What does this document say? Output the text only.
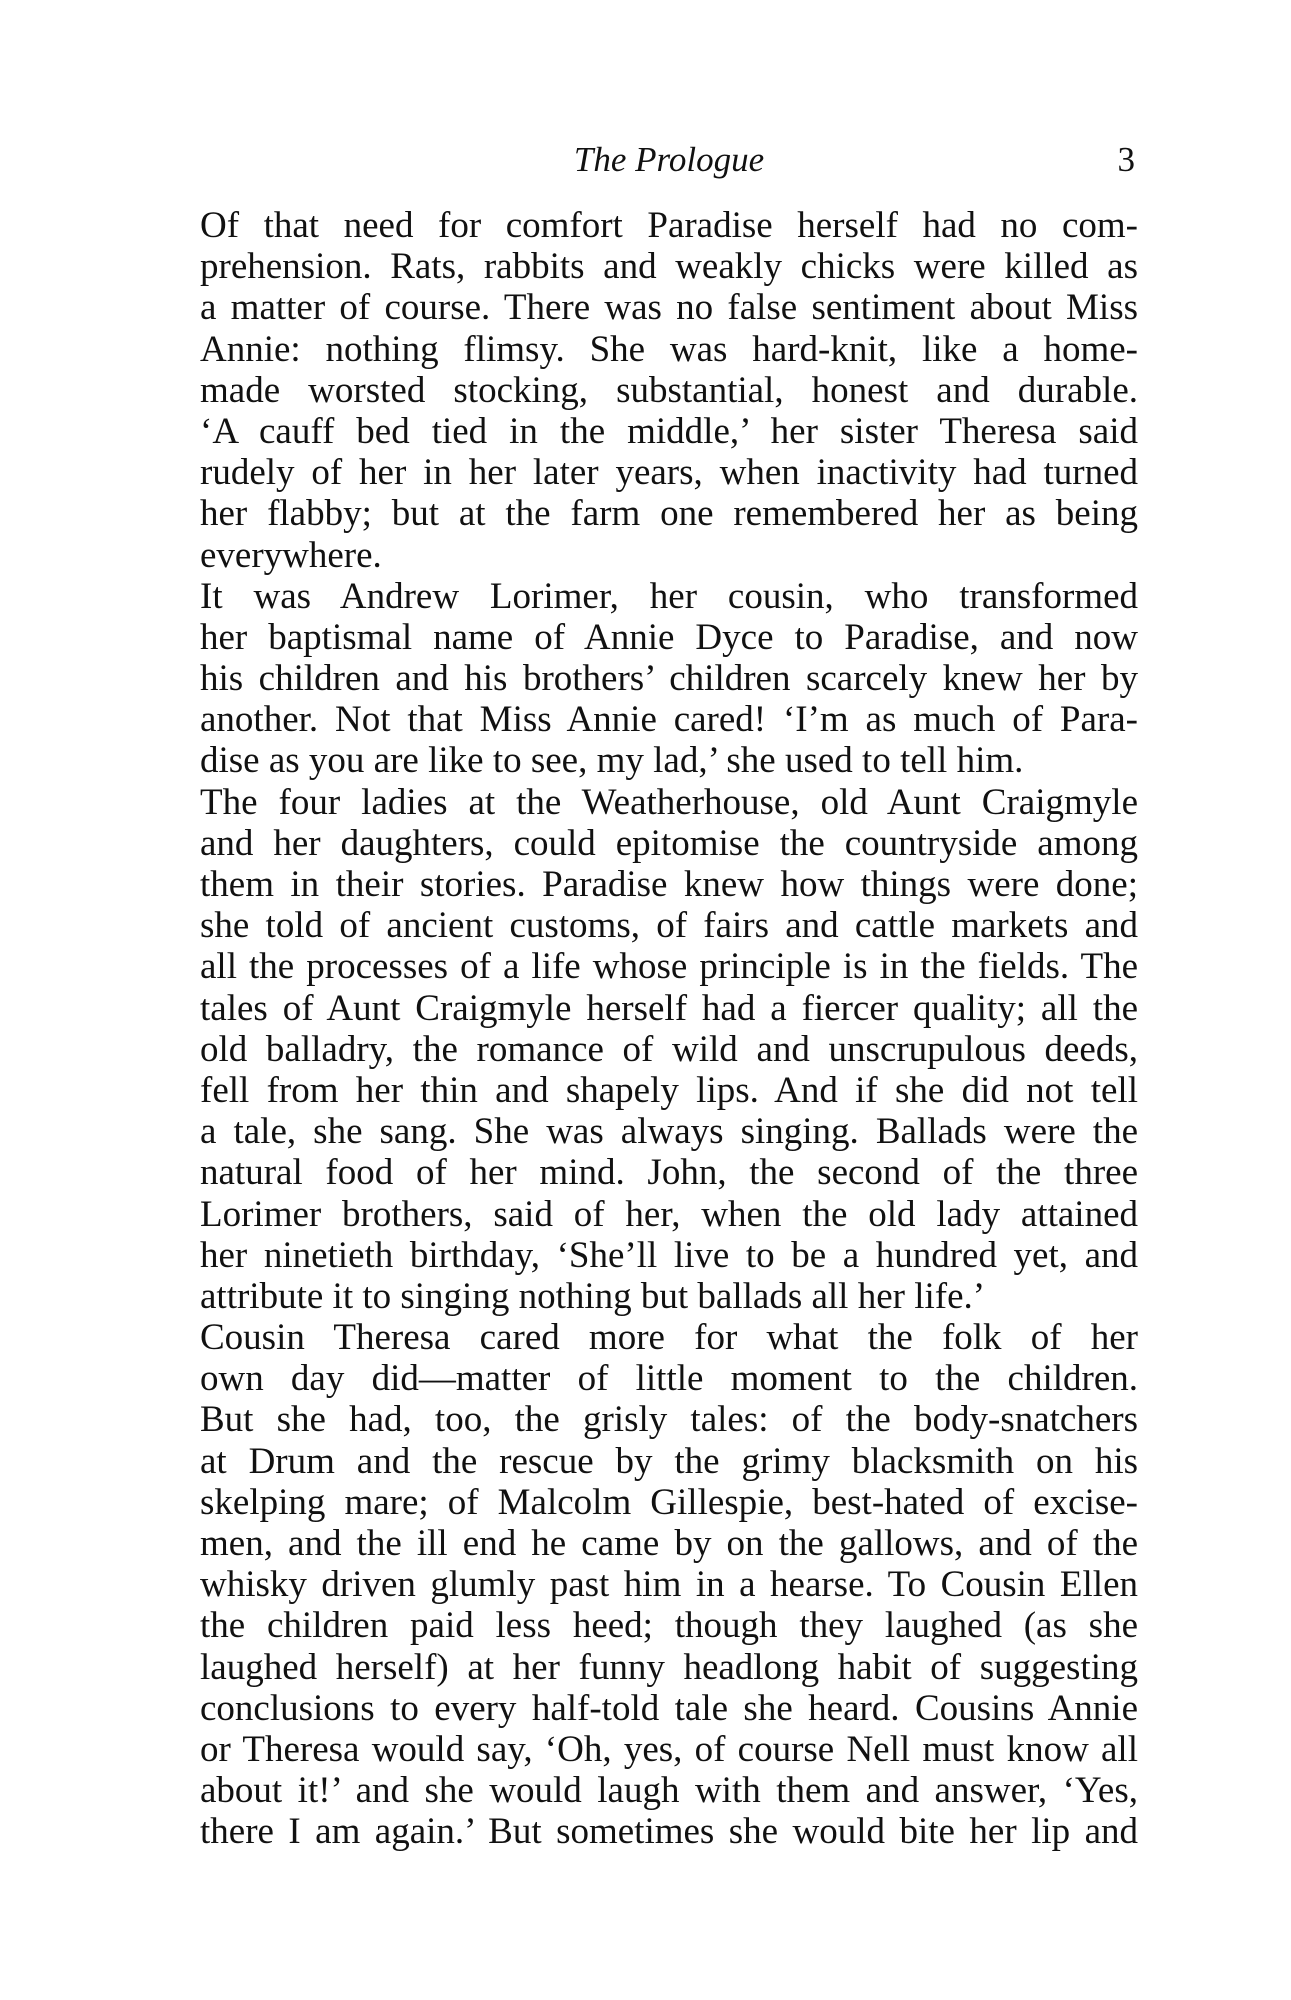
The Prologue	3
Of that need for comfort Paradise herself had no com-
prehension. Rats, rabbits and weakly chicks were killed as
a matter of course. There was no false sentiment about Miss
Annie: nothing flimsy. She was hard-knit, like a home-
made worsted stocking, substantial, honest and durable.
‘A cauff bed tied in the middle,’ her sister Theresa said
rudely of her in her later years, when inactivity had turned
her flabby; but at the farm one remembered her as being
everywhere.
It was Andrew Lorimer, her cousin, who transformed
her baptismal name of Annie Dyce to Paradise, and now
his children and his brothers’ children scarcely knew her by
another. Not that Miss Annie cared! ‘I’m as much of Para-
dise as you are like to see, my lad,’ she used to tell him.
The four ladies at the Weatherhouse, old Aunt Craigmyle
and her daughters, could epitomise the countryside among
them in their stories. Paradise knew how things were done;
she told of ancient customs, of fairs and cattle markets and
all the processes of a life whose principle is in the fields. The
tales of Aunt Craigmyle herself had a fiercer quality; all the
old balladry, the romance of wild and unscrupulous deeds,
fell from her thin and shapely lips. And if she did not tell
a tale, she sang. She was always singing. Ballads were the
natural food of her mind. John, the second of the three
Lorimer brothers, said of her, when the old lady attained
her ninetieth birthday, ‘She’ll live to be a hundred yet, and
attribute it to singing nothing but ballads all her life.’
Cousin Theresa cared more for what the folk of her
own day did—matter of little moment to the children.
But she had, too, the grisly tales: of the body-snatchers
at Drum and the rescue by the grimy blacksmith on his
skelping mare; of Malcolm Gillespie, best-hated of excise-
men, and the ill end he came by on the gallows, and of the
whisky driven glumly past him in a hearse. To Cousin Ellen
the children paid less heed; though they laughed (as she
laughed herself) at her funny headlong habit of suggesting
conclusions to every half-told tale she heard. Cousins Annie
or Theresa would say, ‘Oh, yes, of course Nell must know all
about it!’ and she would laugh with them and answer, ‘Yes,
there I am again.’ But sometimes she would bite her lip and
